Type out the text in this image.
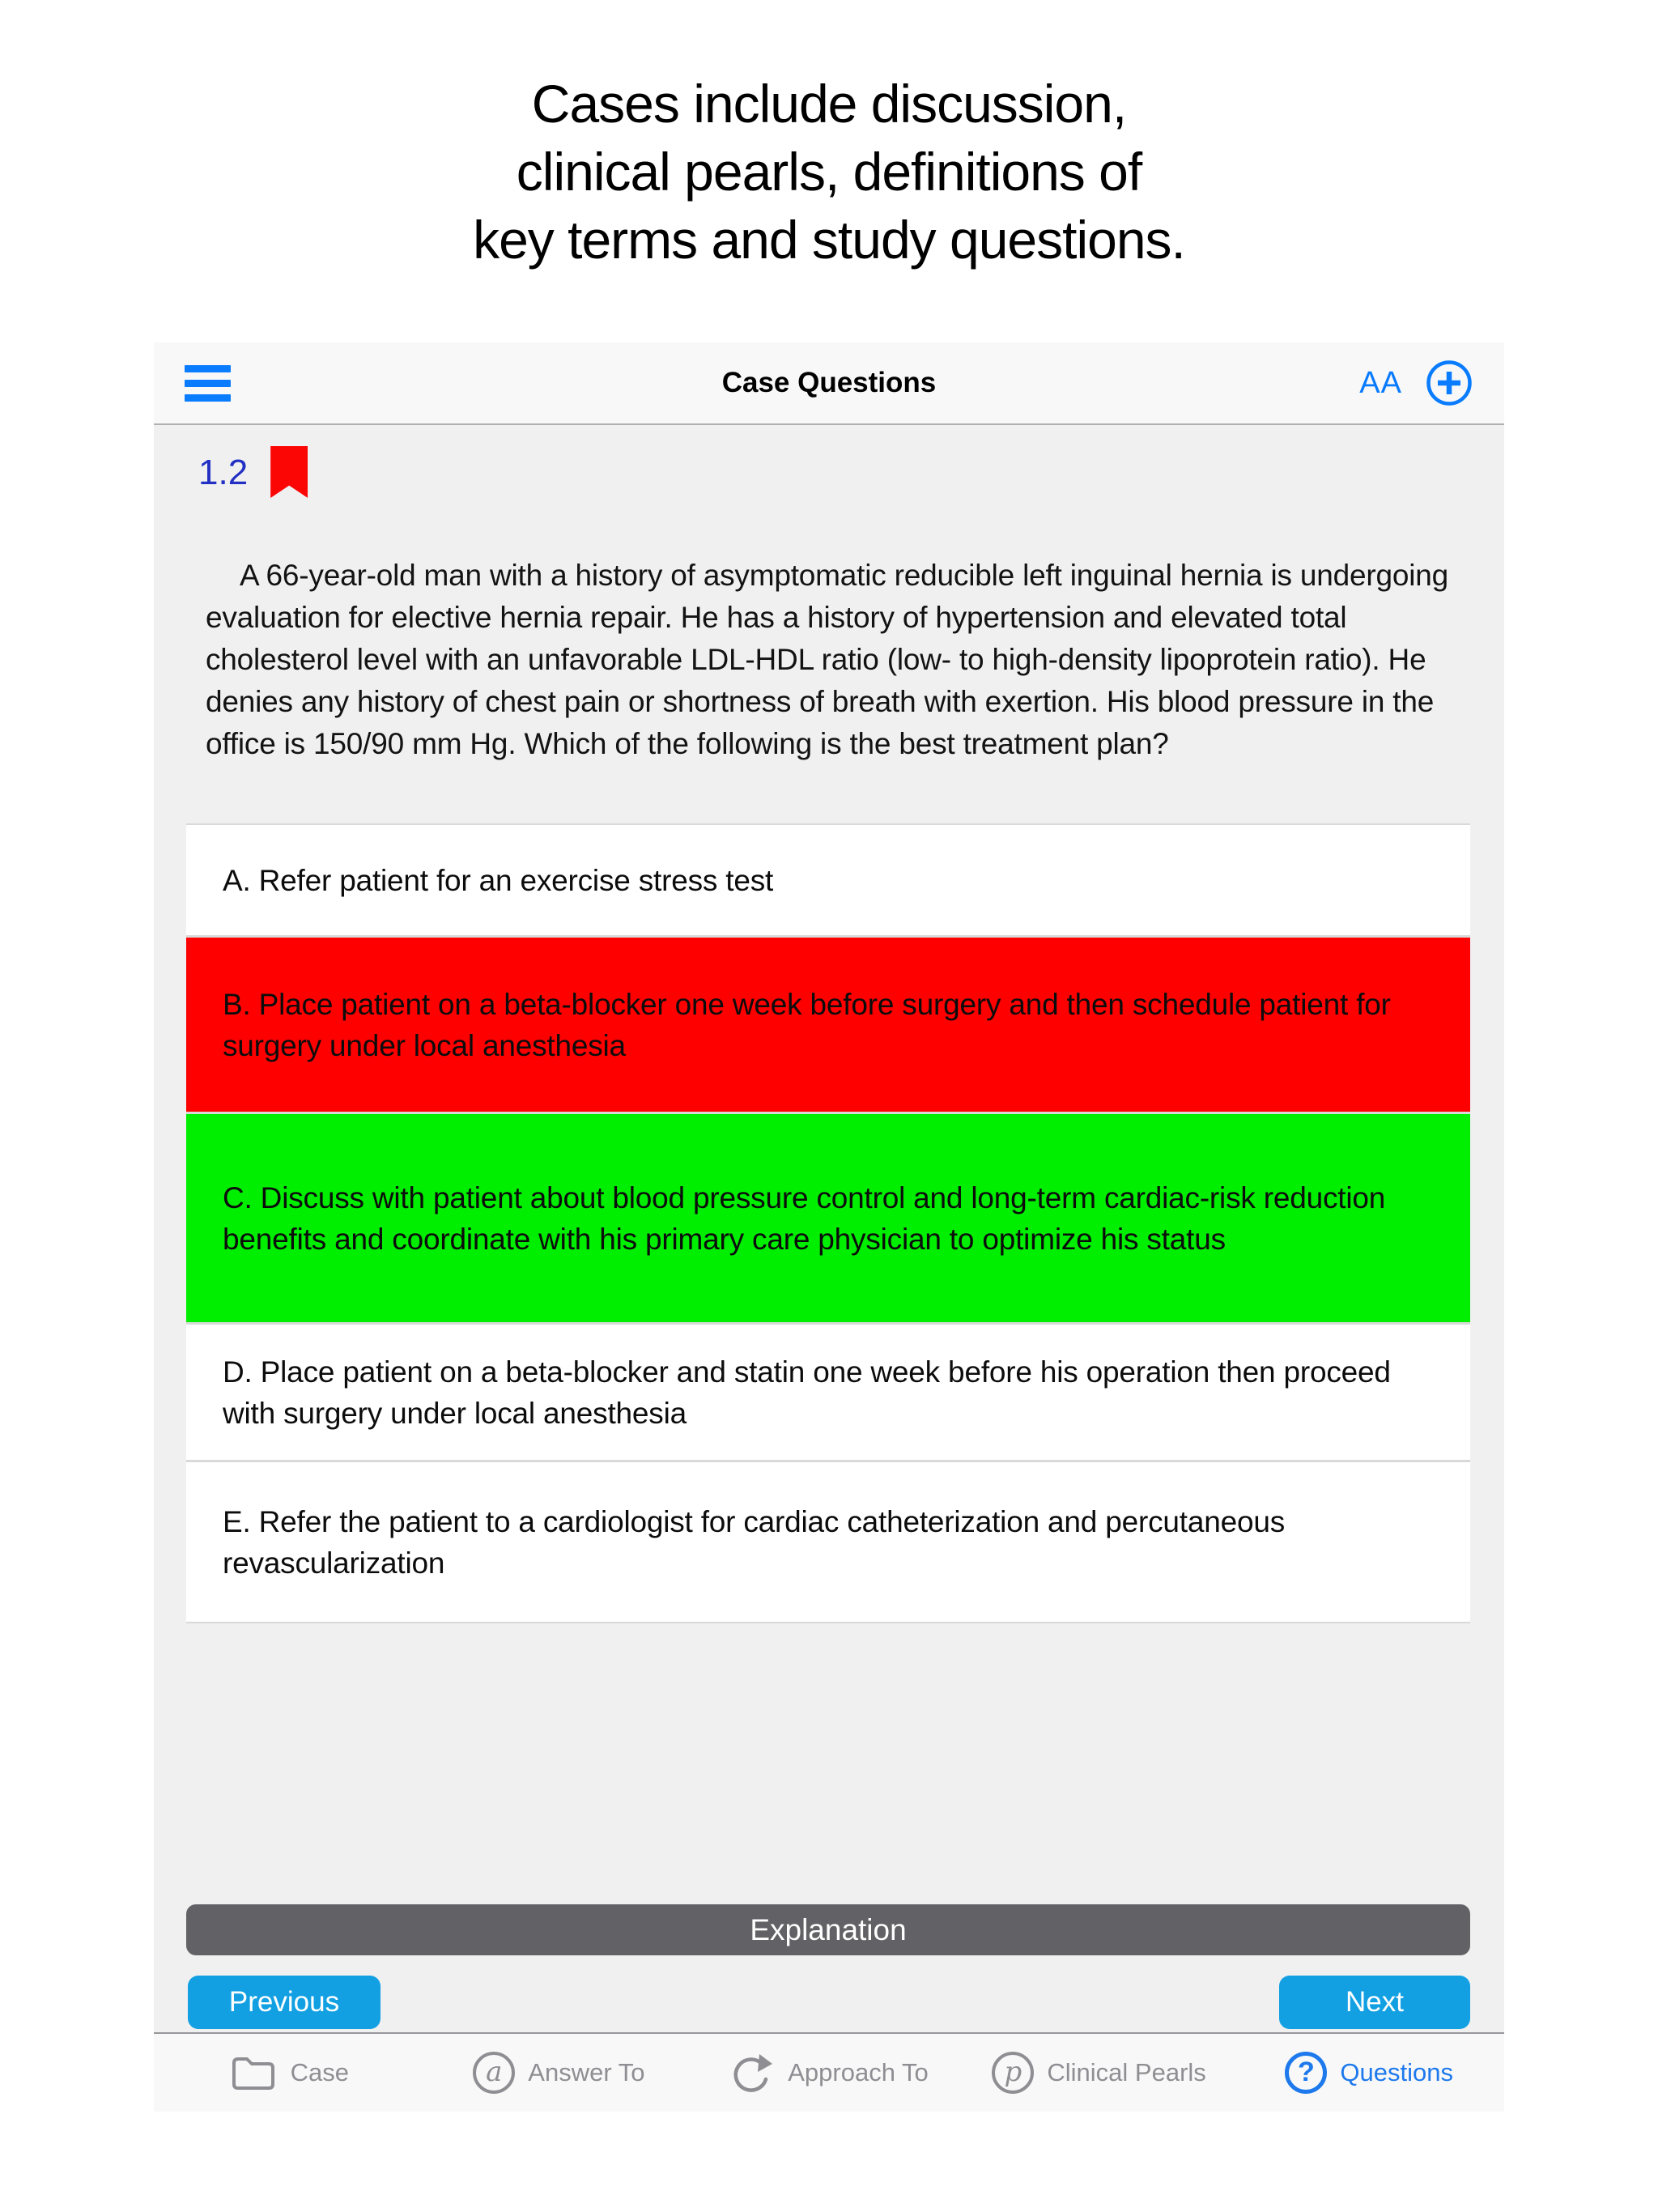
Cases include discussion,
clinical pearls, definitions of
key terms and study questions.
Case Questions	AA
1.2

A 66-year-old man with a history of asymptomatic reducible left inguinal hernia is undergoing evaluation for elective hernia repair. He has a history of hypertension and elevated total cholesterol level with an unfavorable LDL-HDL ratio (low- to high-density lipoprotein ratio). He denies any history of chest pain or shortness of breath with exertion. His blood pressure in the office is 150/90 mm Hg. Which of the following is the best treatment plan?

A. Refer patient for an exercise stress test
B. Place patient on a beta-blocker one week before surgery and then schedule patient for surgery under local anesthesia
C. Discuss with patient about blood pressure control and long-term cardiac-risk reduction benefits and coordinate with his primary care physician to optimize his status
D. Place patient on a beta-blocker and statin one week before his operation then proceed with surgery under local anesthesia
E. Refer the patient to a cardiologist for cardiac catheterization and percutaneous revascularization
Explanation
Previous	Next
Case	a	Answer To	Approach To	p	Clinical Pearls	?	Questions
